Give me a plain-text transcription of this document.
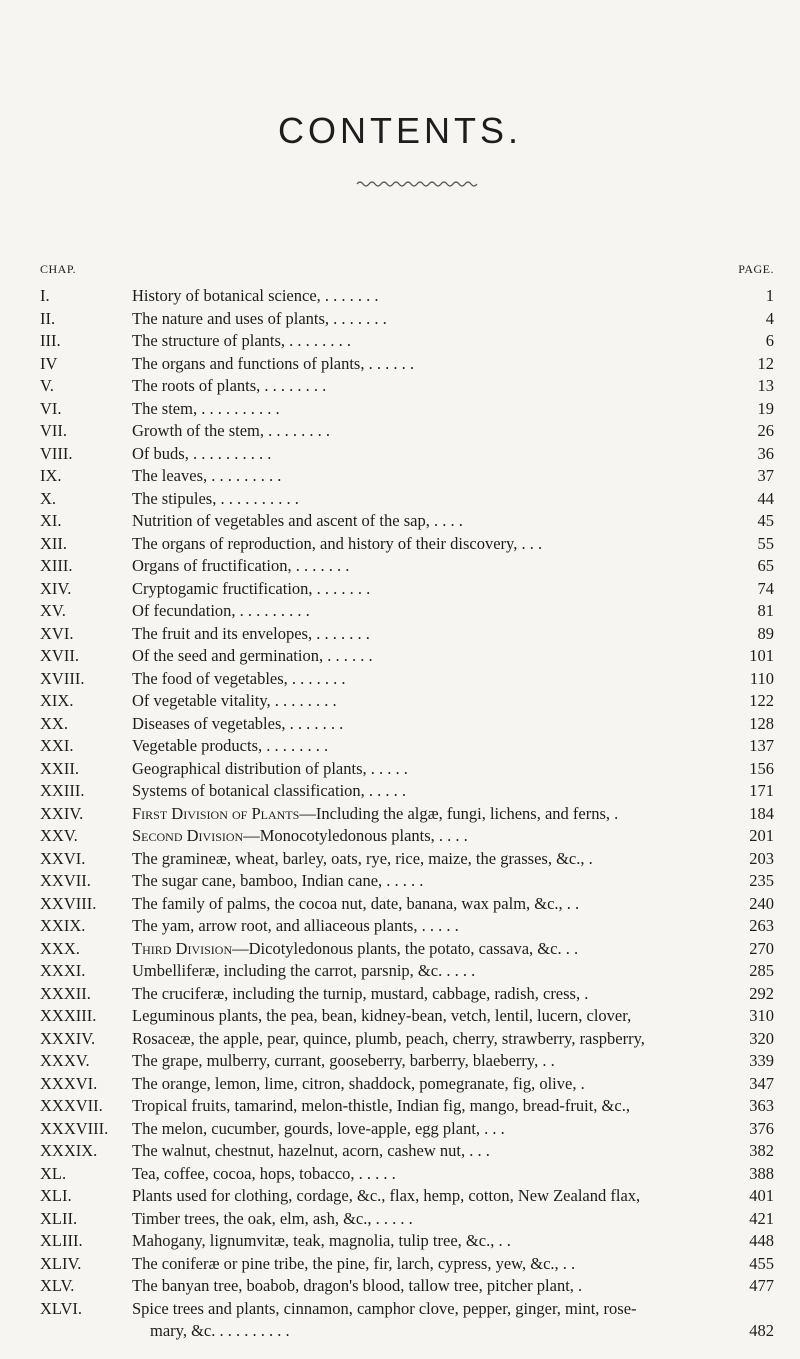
CONTENTS.
CHAP.	PAGE.
I.	History of botanical science, . . . . . . .	1
II.	The nature and uses of plants, . . . . . . .	4
III.	The structure of plants, . . . . . . . .	6
IV	The organs and functions of plants, . . . . . .	12
V.	The roots of plants, . . . . . . . .	13
VI.	The stem, . . . . . . . . . .	19
VII.	Growth of the stem, . . . . . . . .	26
VIII.	Of buds, . . . . . . . . . .	36
IX.	The leaves, . . . . . . . . .	37
X.	The stipules, . . . . . . . . . .	44
XI.	Nutrition of vegetables and ascent of the sap, . . . .	45
XII.	The organs of reproduction, and history of their discovery, . . .	55
XIII.	Organs of fructification, . . . . . . .	65
XIV.	Cryptogamic fructification, . . . . . . .	74
XV.	Of fecundation, . . . . . . . . .	81
XVI.	The fruit and its envelopes, . . . . . . .	89
XVII.	Of the seed and germination, . . . . . .	101
XVIII.	The food of vegetables, . . . . . . .	110
XIX.	Of vegetable vitality, . . . . . . . .	122
XX.	Diseases of vegetables, . . . . . . .	128
XXI.	Vegetable products, . . . . . . . .	137
XXII.	Geographical distribution of plants, . . . . .	156
XXIII.	Systems of botanical classification, . . . . .	171
XXIV.	First Division of Plants—Including the algæ, fungi, lichens, and ferns, .	184
XXV.	Second Division—Monocotyledonous plants, . . . .	201
XXVI.	The gramineæ, wheat, barley, oats, rye, rice, maize, the grasses, &c., .	203
XXVII. The sugar cane, bamboo, Indian cane, . . . . .	235
XXVIII. The family of palms, the cocoa nut, date, banana, wax palm, &c., . .	240
XXIX.	The yam, arrow root, and alliaceous plants, . . . . .	263
XXX.	Third Division—Dicotyledonous plants, the potato, cassava, &c. . .	270
XXXI.	Umbelliferæ, including the carrot, parsnip, &c. . . . .	285
XXXII. The cruciferæ, including the turnip, mustard, cabbage, radish, cress, .	292
XXXIII. Leguminous plants, the pea, bean, kidney-bean, vetch, lentil, lucern, clover,	310
XXXIV. Rosaceæ, the apple, pear, quince, plumb, peach, cherry, strawberry, raspberry,	320
XXXV.	The grape, mulberry, currant, gooseberry, barberry, blaeberry, . .	339
XXXVI. The orange, lemon, lime, citron, shaddock, pomegranate, fig, olive, .	347
XXXVII. Tropical fruits, tamarind, melon-thistle, Indian fig, mango, bread-fruit, &c.,	363
XXXVIII. The melon, cucumber, gourds, love-apple, egg plant, . . .	376
XXXIX. The walnut, chestnut, hazelnut, acorn, cashew nut, . . .	382
XL.	Tea, coffee, cocoa, hops, tobacco, . . . . .	388
XLI.	Plants used for clothing, cordage, &c., flax, hemp, cotton, New Zealand flax,	401
XLII.	Timber trees, the oak, elm, ash, &c., . . . . .	421
XLIII.	Mahogany, lignumvitæ, teak, magnolia, tulip tree, &c., . .	448
XLIV.	The coniferæ or pine tribe, the pine, fir, larch, cypress, yew, &c., . .	455
XLV.	The banyan tree, boabob, dragon's blood, tallow tree, pitcher plant, .	477
XLVI.	Spice trees and plants, cinnamon, camphor clove, pepper, ginger, mint, rose-
mary, &c. . . . . . . . . .	482
